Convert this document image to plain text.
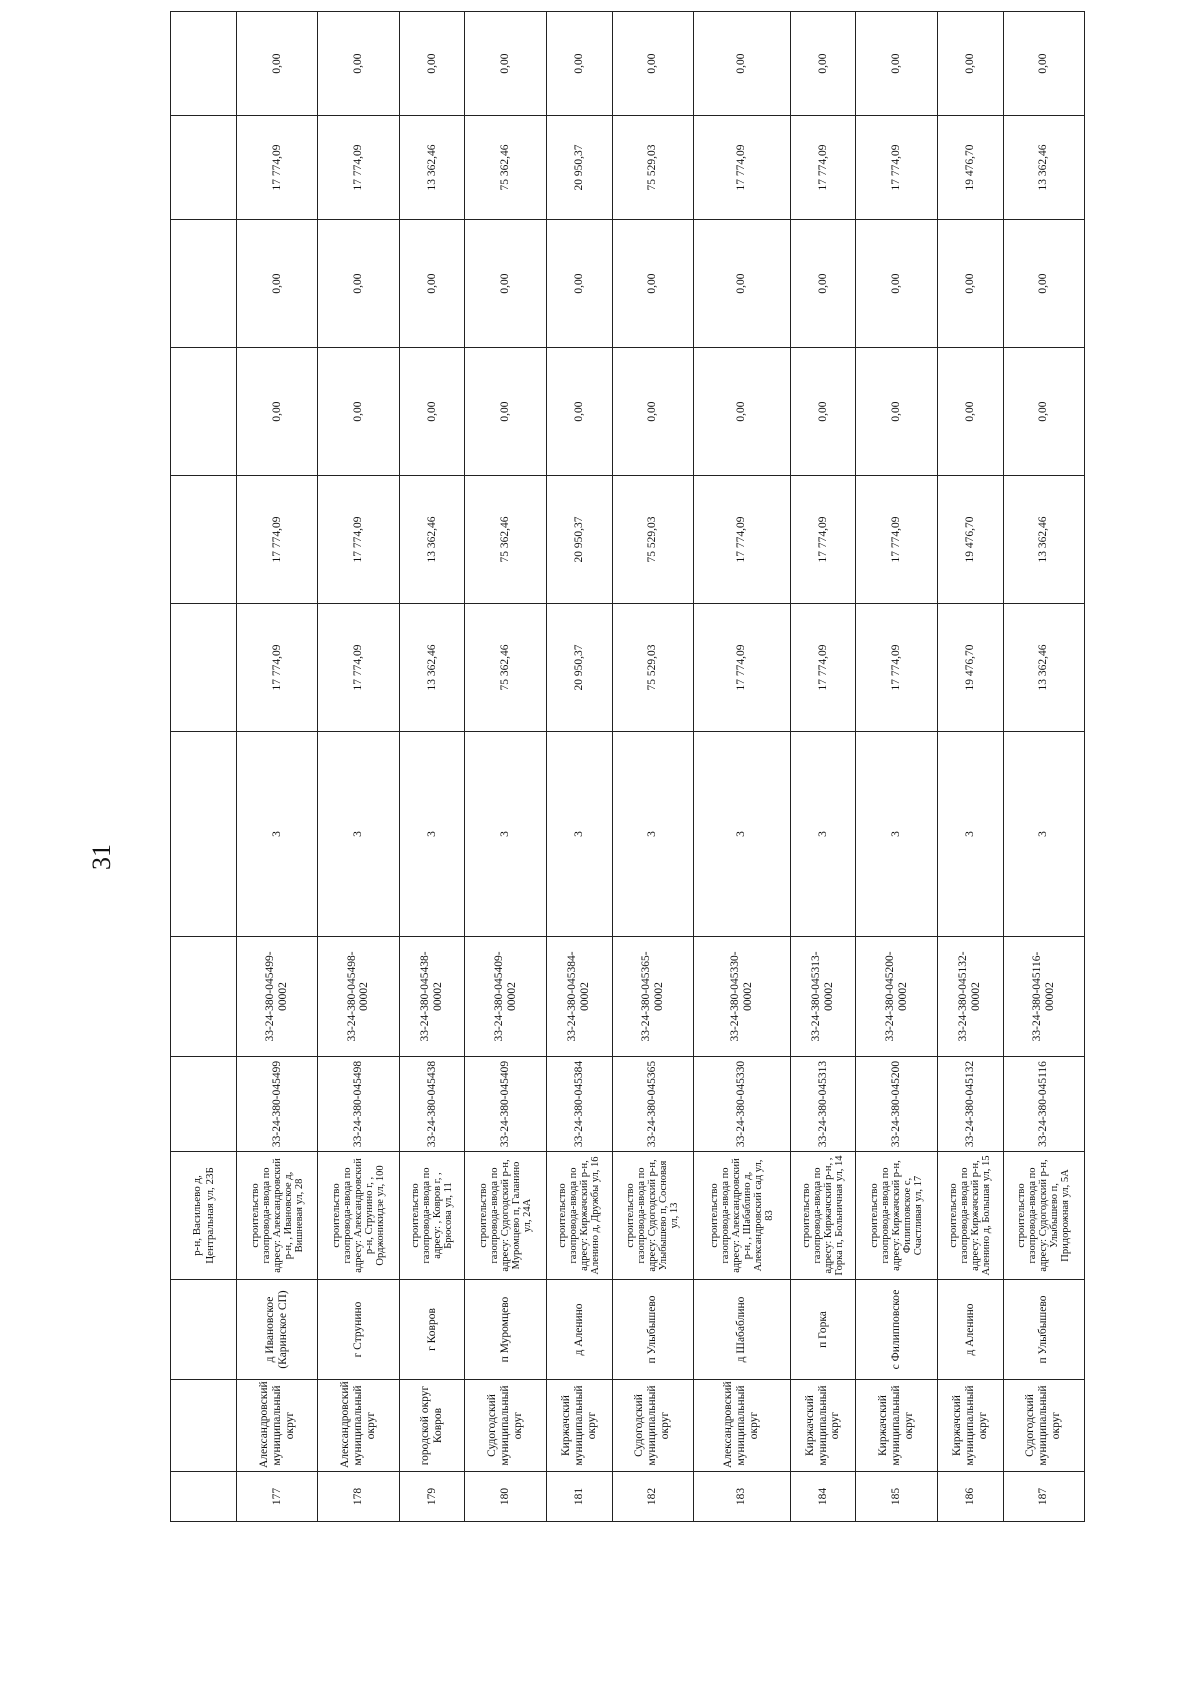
31
			р-н, Васильево д, Центральная ул, 23Б									
177	Александровский муниципальный округ	д Ивановское (Каринское СП)	строительство газопровода-ввода по адресу: Александровский р-н, , Ивановское д, Вишневая ул, 28	33-24-380-045499	33-24-380-045499-00002	3	17 774,09	17 774,09	0,00	0,00	17 774,09	0,00
178	Александровский муниципальный округ	г Струнино	строительство газопровода-ввода по адресу: Александровский р-н, Струнино г, , Орджоникидзе ул, 100	33-24-380-045498	33-24-380-045498-00002	3	17 774,09	17 774,09	0,00	0,00	17 774,09	0,00
179	городской округ Ковров	г Ковров	строительство газопровода-ввода по адресу: , Ковров г, , Брюсова ул, 11	33-24-380-045438	33-24-380-045438-00002	3	13 362,46	13 362,46	0,00	0,00	13 362,46	0,00
180	Судогодский муниципальный округ	п Муромцево	строительство газопровода-ввода по адресу: Судогодский р-н, Муромцево п, Галанино ул, 24А	33-24-380-045409	33-24-380-045409-00002	3	75 362,46	75 362,46	0,00	0,00	75 362,46	0,00
181	Киржачский муниципальный округ	д Аленино	строительство газопровода-ввода по адресу: Киржачский р-н, Аленино д, Дружбы ул, 16	33-24-380-045384	33-24-380-045384-00002	3	20 950,37	20 950,37	0,00	0,00	20 950,37	0,00
182	Судогодский муниципальный округ	п Улыбышево	строительство газопровода-ввода по адресу: Судогодский р-н, Улыбышево п, Сосновая ул, 13	33-24-380-045365	33-24-380-045365-00002	3	75 529,03	75 529,03	0,00	0,00	75 529,03	0,00
183	Александровский муниципальный округ	д Шабаблино	строительство газопровода-ввода по адресу: Александровский р-н, , Шабаблино д, Александровский сад ул, 83	33-24-380-045330	33-24-380-045330-00002	3	17 774,09	17 774,09	0,00	0,00	17 774,09	0,00
184	Киржачский муниципальный округ	п Горка	строительство газопровода-ввода по адресу: Киржачский р-н, , Горка п, Больничная ул, 14	33-24-380-045313	33-24-380-045313-00002	3	17 774,09	17 774,09	0,00	0,00	17 774,09	0,00
185	Киржачский муниципальный округ	с Филипповское	строительство газопровода-ввода по адресу: Киржачский р-н, Филипповское с, Счастливая ул, 17	33-24-380-045200	33-24-380-045200-00002	3	17 774,09	17 774,09	0,00	0,00	17 774,09	0,00
186	Киржачский муниципальный округ	д Аленино	строительство газопровода-ввода по адресу: Киржачский р-н, Аленино д, Большая ул, 15	33-24-380-045132	33-24-380-045132-00002	3	19 476,70	19 476,70	0,00	0,00	19 476,70	0,00
187	Судогодский муниципальный округ	п Улыбышево	строительство газопровода-ввода по адресу: Судогодский р-н, Улыбышево п, Придорожная ул, 5А	33-24-380-045116	33-24-380-045116-00002	3	13 362,46	13 362,46	0,00	0,00	13 362,46	0,00
